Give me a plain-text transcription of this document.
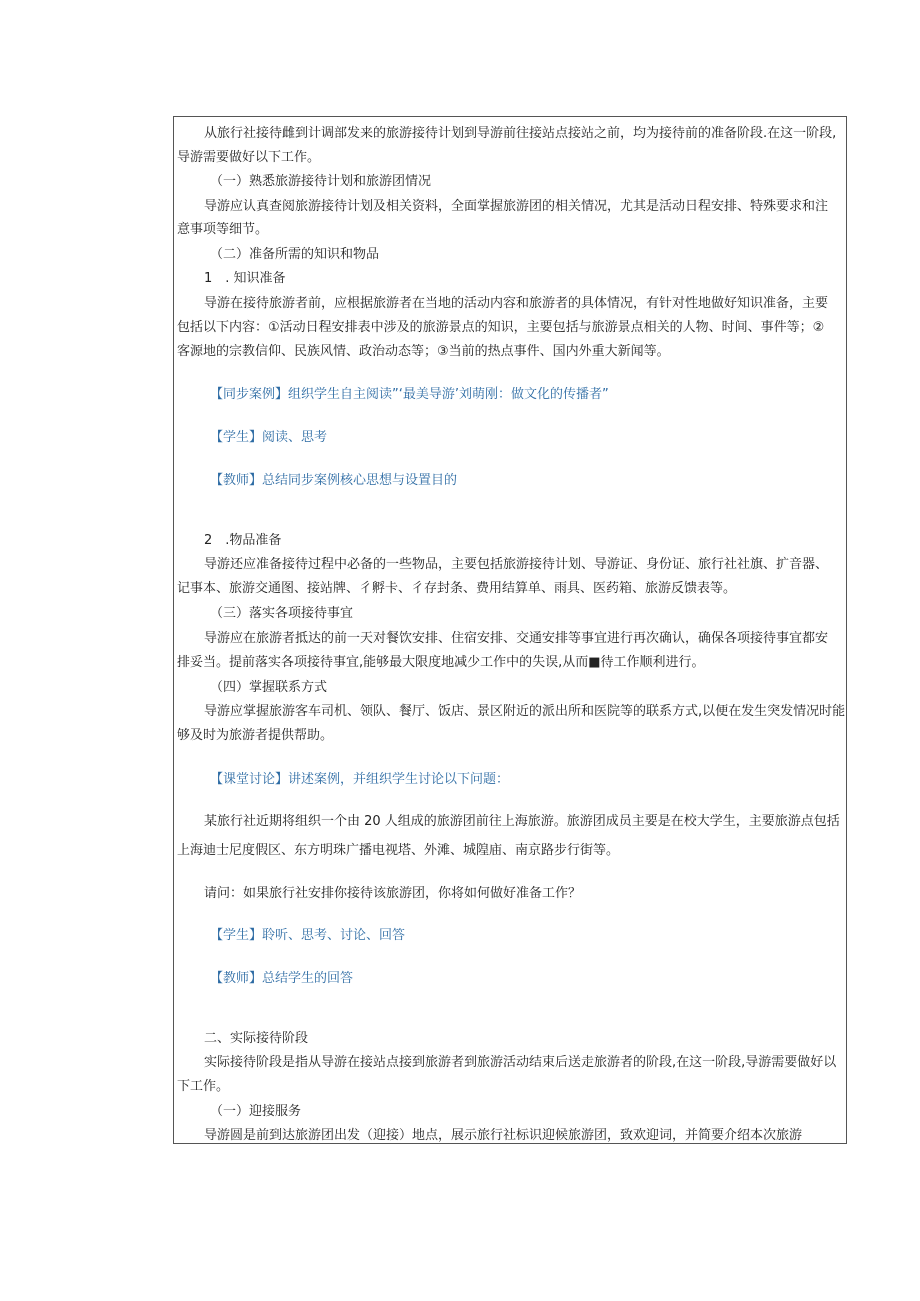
从旅行社接待雌到计调部发来的旅游接待计划到导游前往接站点接站之前，均为接待前的准备阶段.在这一阶段,

导游需要做好以下工作。

（一）熟悉旅游接待计划和旅游团情况

导游应认真查阅旅游接待计划及相关资料，全面掌握旅游团的相关情况，尤其是活动日程安排、特殊要求和注

意事项等细节。

（二）准备所需的知识和物品

1　. 知识准备

导游在接待旅游者前，应根据旅游者在当地的活动内容和旅游者的具体情况，有针对性地做好知识准备，主要

包括以下内容：①活动日程安排表中涉及的旅游景点的知识，主要包括与旅游景点相关的人物、时间、事件等；②

客源地的宗教信仰、民族风情、政治动态等；③当前的热点事件、国内外重大新闻等。

【同步案例】组织学生自主阅读”‘最美导游’刘萌刚：做文化的传播者”

【学生】阅读、思考

【教师】总结同步案例核心思想与设置目的

2　.物品准备

导游还应准备接待过程中必备的一些物品，主要包括旅游接待计划、导游证、身份证、旅行社社旗、扩音器、

记事本、旅游交通图、接站牌、彳孵卡、彳存封条、费用结算单、雨具、医药箱、旅游反馈表等。

（三）落实各项接待事宜

导游应在旅游者抵达的前一天对餐饮安排、住宿安排、交通安排等事宜进行再次确认，确保各项接待事宜都安

排妥当。提前落实各项接待事宜,能够最大限度地减少工作中的失误,从而■待工作顺利进行。

（四）掌握联系方式

导游应掌握旅游客车司机、领队、餐厅、饭店、景区附近的派出所和医院等的联系方式,以便在发生突发情况时能

够及时为旅游者提供帮助。

【课堂讨论】讲述案例，并组织学生讨论以下问题：

某旅行社近期将组织一个由 20 人组成的旅游团前往上海旅游。旅游团成员主要是在校大学生，主要旅游点包括

上海迪士尼度假区、东方明珠广播电视塔、外滩、城隍庙、南京路步行街等。

请问：如果旅行社安排你接待该旅游团，你将如何做好准备工作？

【学生】聆听、思考、讨论、回答

【教师】总结学生的回答

二、实际接待阶段

实际接待阶段是指从导游在接站点接到旅游者到旅游活动结束后送走旅游者的阶段,在这一阶段,导游需要做好以

下工作。

（一）迎接服务

导游圆是前到达旅游团出发（迎接）地点，展示旅行社标识迎候旅游团，致欢迎词，并简要介绍本次旅游
